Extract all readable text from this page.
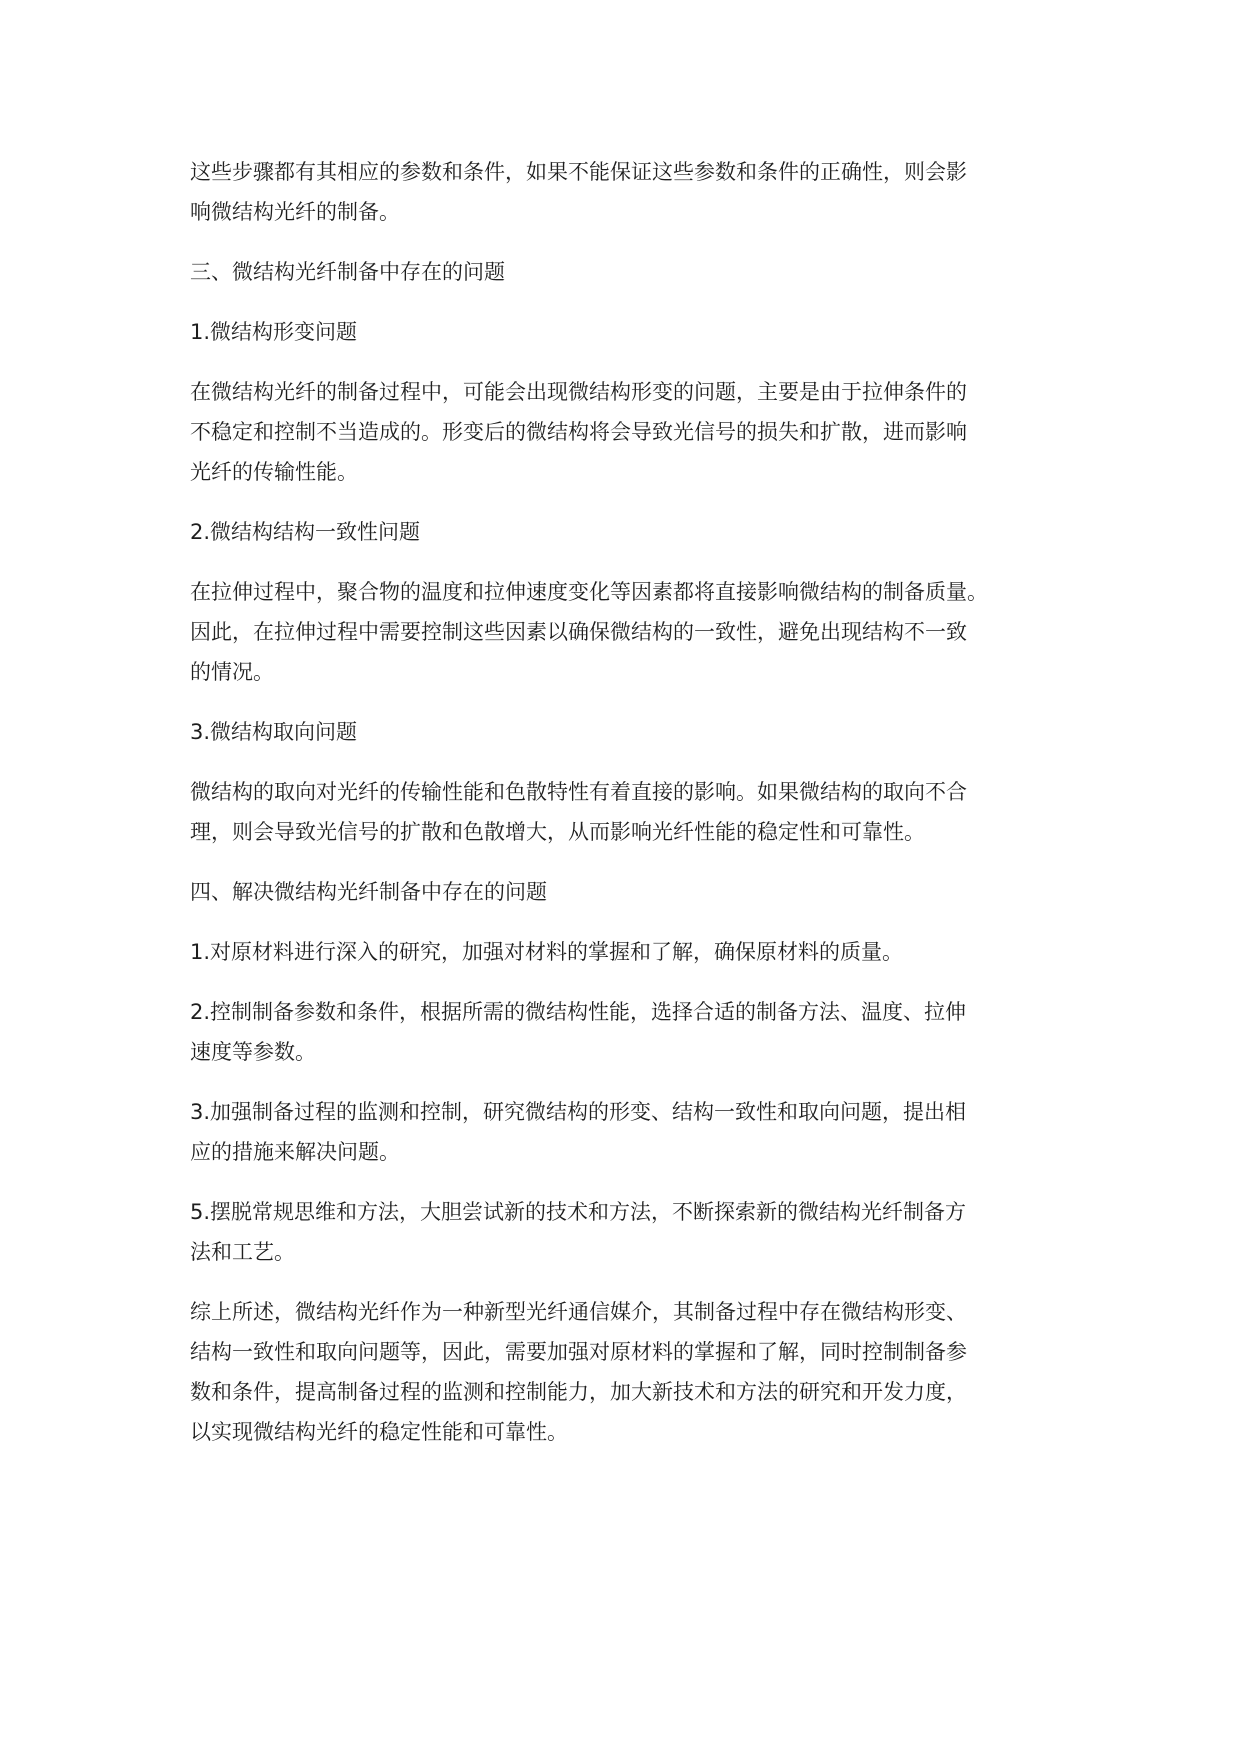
这些步骤都有其相应的参数和条件，如果不能保证这些参数和条件的正确性，则会影
响微结构光纤的制备。
三、微结构光纤制备中存在的问题
1.微结构形变问题
在微结构光纤的制备过程中，可能会出现微结构形变的问题，主要是由于拉伸条件的
不稳定和控制不当造成的。形变后的微结构将会导致光信号的损失和扩散，进而影响
光纤的传输性能。
2.微结构结构一致性问题
在拉伸过程中，聚合物的温度和拉伸速度变化等因素都将直接影响微结构的制备质量。
因此，在拉伸过程中需要控制这些因素以确保微结构的一致性，避免出现结构不一致
的情况。
3.微结构取向问题
微结构的取向对光纤的传输性能和色散特性有着直接的影响。如果微结构的取向不合
理，则会导致光信号的扩散和色散增大，从而影响光纤性能的稳定性和可靠性。
四、解决微结构光纤制备中存在的问题
1.对原材料进行深入的研究，加强对材料的掌握和了解，确保原材料的质量。
2.控制制备参数和条件，根据所需的微结构性能，选择合适的制备方法、温度、拉伸
速度等参数。
3.加强制备过程的监测和控制，研究微结构的形变、结构一致性和取向问题，提出相
应的措施来解决问题。
5.摆脱常规思维和方法，大胆尝试新的技术和方法，不断探索新的微结构光纤制备方
法和工艺。
综上所述，微结构光纤作为一种新型光纤通信媒介，其制备过程中存在微结构形变、
结构一致性和取向问题等，因此，需要加强对原材料的掌握和了解，同时控制制备参
数和条件，提高制备过程的监测和控制能力，加大新技术和方法的研究和开发力度，
以实现微结构光纤的稳定性能和可靠性。
